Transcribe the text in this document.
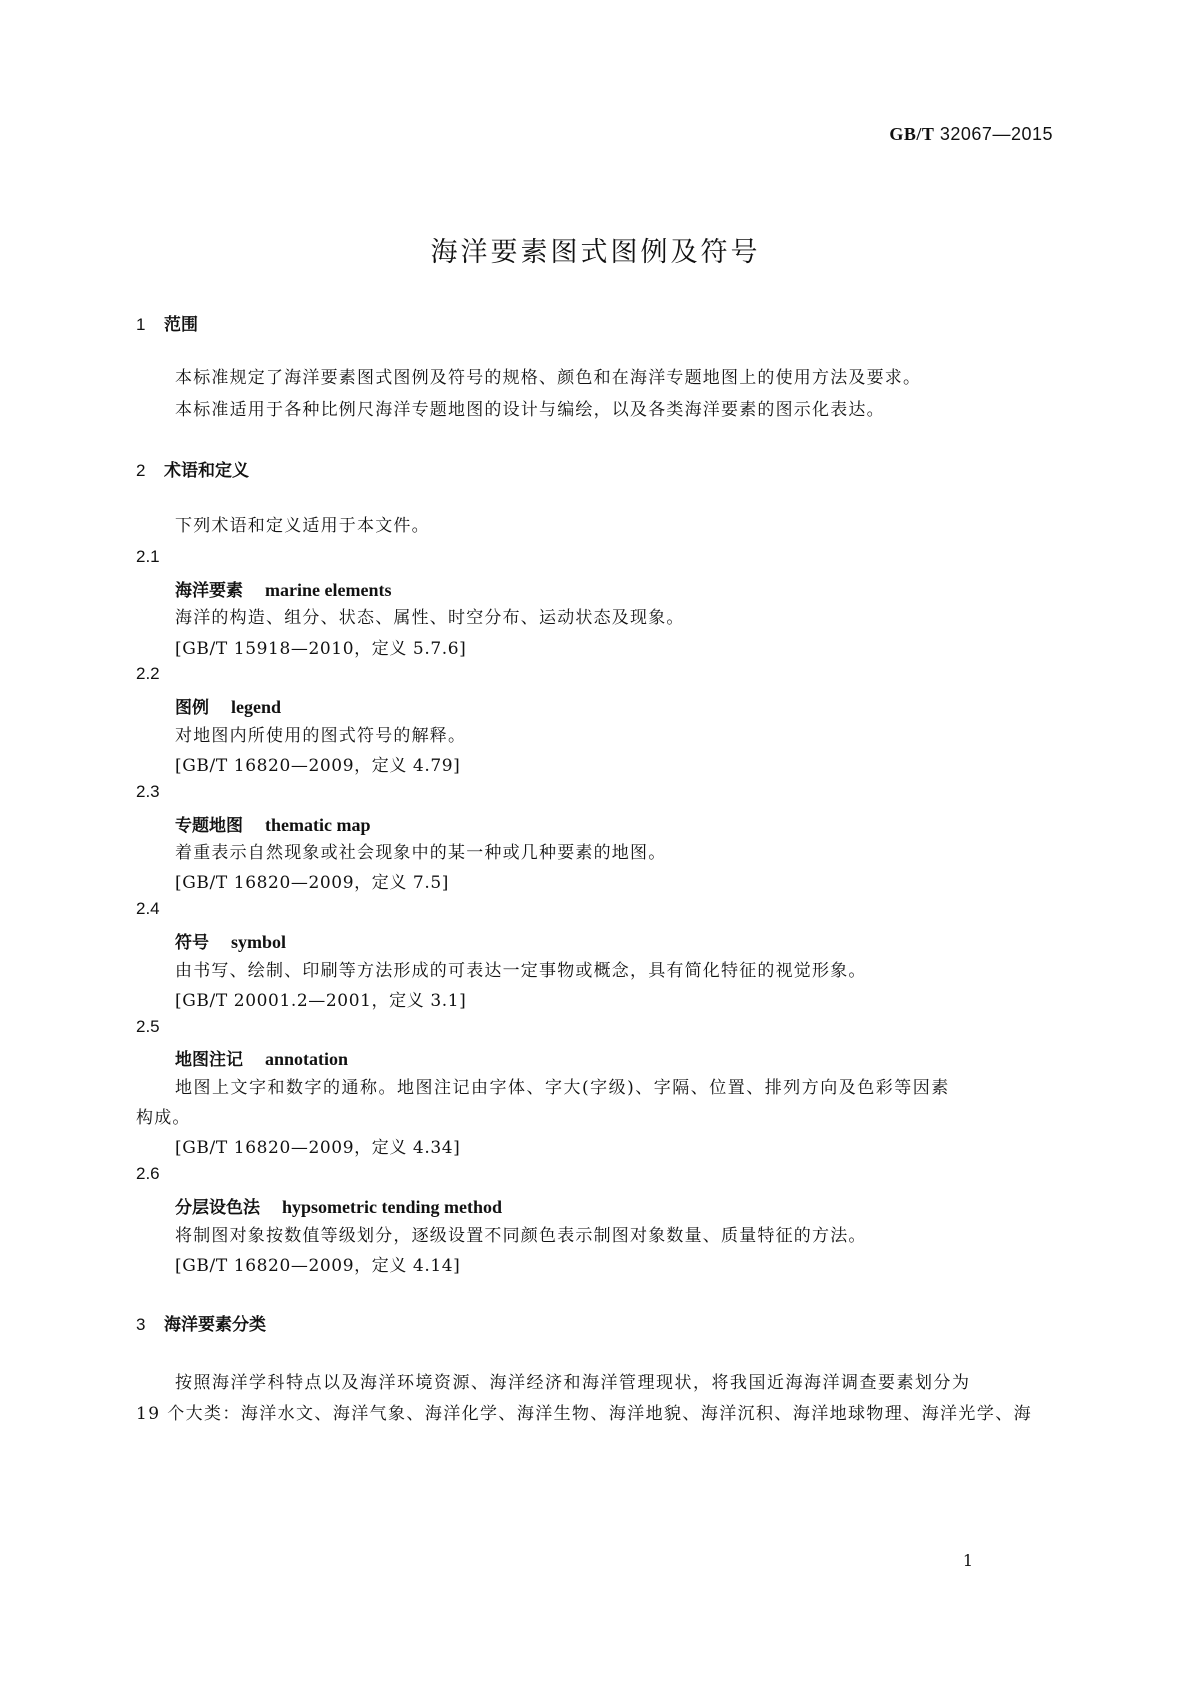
GB/T 32067—2015
海洋要素图式图例及符号
1 范围
本标准规定了海洋要素图式图例及符号的规格、颜色和在海洋专题地图上的使用方法及要求。
本标准适用于各种比例尺海洋专题地图的设计与编绘，以及各类海洋要素的图示化表达。
2 术语和定义
下列术语和定义适用于本文件。
2.1
海洋要素 marine elements
海洋的构造、组分、状态、属性、时空分布、运动状态及现象。
[GB/T 15918—2010，定义 5.7.6]
2.2
图例 legend
对地图内所使用的图式符号的解释。
[GB/T 16820—2009，定义 4.79]
2.3
专题地图 thematic map
着重表示自然现象或社会现象中的某一种或几种要素的地图。
[GB/T 16820—2009，定义 7.5]
2.4
符号 symbol
由书写、绘制、印刷等方法形成的可表达一定事物或概念，具有简化特征的视觉形象。
[GB/T 20001.2—2001，定义 3.1]
2.5
地图注记 annotation
地图上文字和数字的通称。地图注记由字体、字大(字级)、字隔、位置、排列方向及色彩等因素
构成。
[GB/T 16820—2009，定义 4.34]
2.6
分层设色法 hypsometric tending method
将制图对象按数值等级划分，逐级设置不同颜色表示制图对象数量、质量特征的方法。
[GB/T 16820—2009，定义 4.14]
3 海洋要素分类
按照海洋学科特点以及海洋环境资源、海洋经济和海洋管理现状，将我国近海海洋调查要素划分为
19 个大类：海洋水文、海洋气象、海洋化学、海洋生物、海洋地貌、海洋沉积、海洋地球物理、海洋光学、海
1
